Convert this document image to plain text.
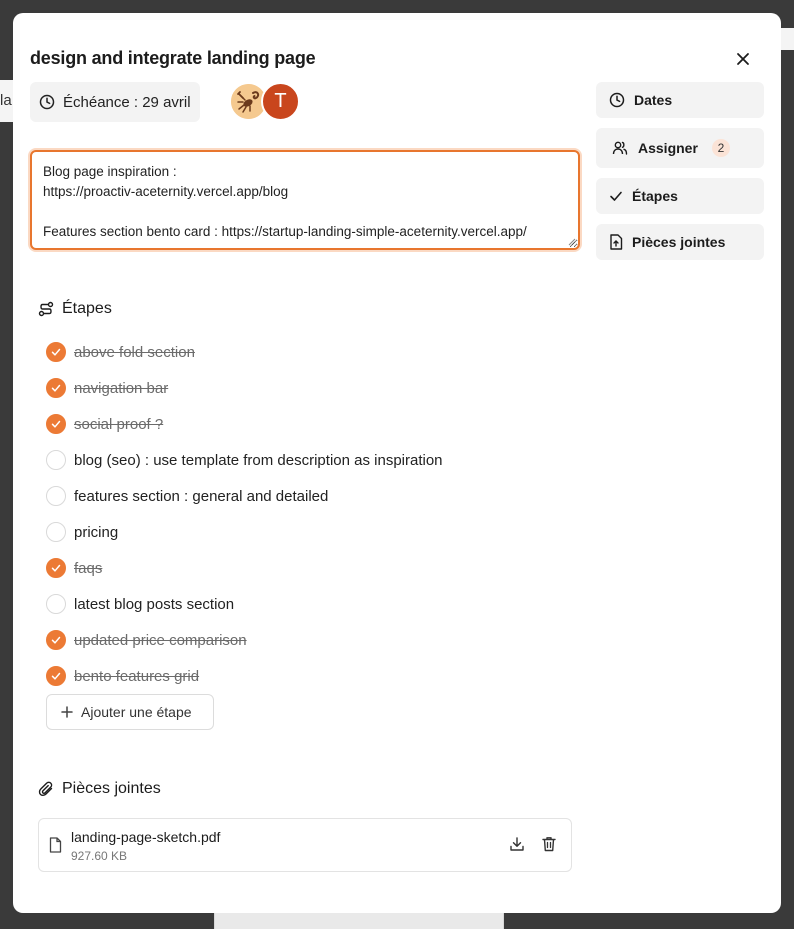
la
design and integrate landing page
Échéance : 29 avril	T
Blog page inspiration :
https://proactiv-aceternity.vercel.app/blog

Features section bento card : https://startup-landing-simple-aceternity.vercel.app/
Dates
Assigner	2
Étapes
Pièces jointes
Étapes
above fold section
navigation bar
social proof ?
blog (seo) : use template from description as inspiration
features section : general and detailed
pricing
faqs
latest blog posts section
updated price comparison
bento features grid
Ajouter une étape
Pièces jointes
landing-page-sketch.pdf
927.60 KB
